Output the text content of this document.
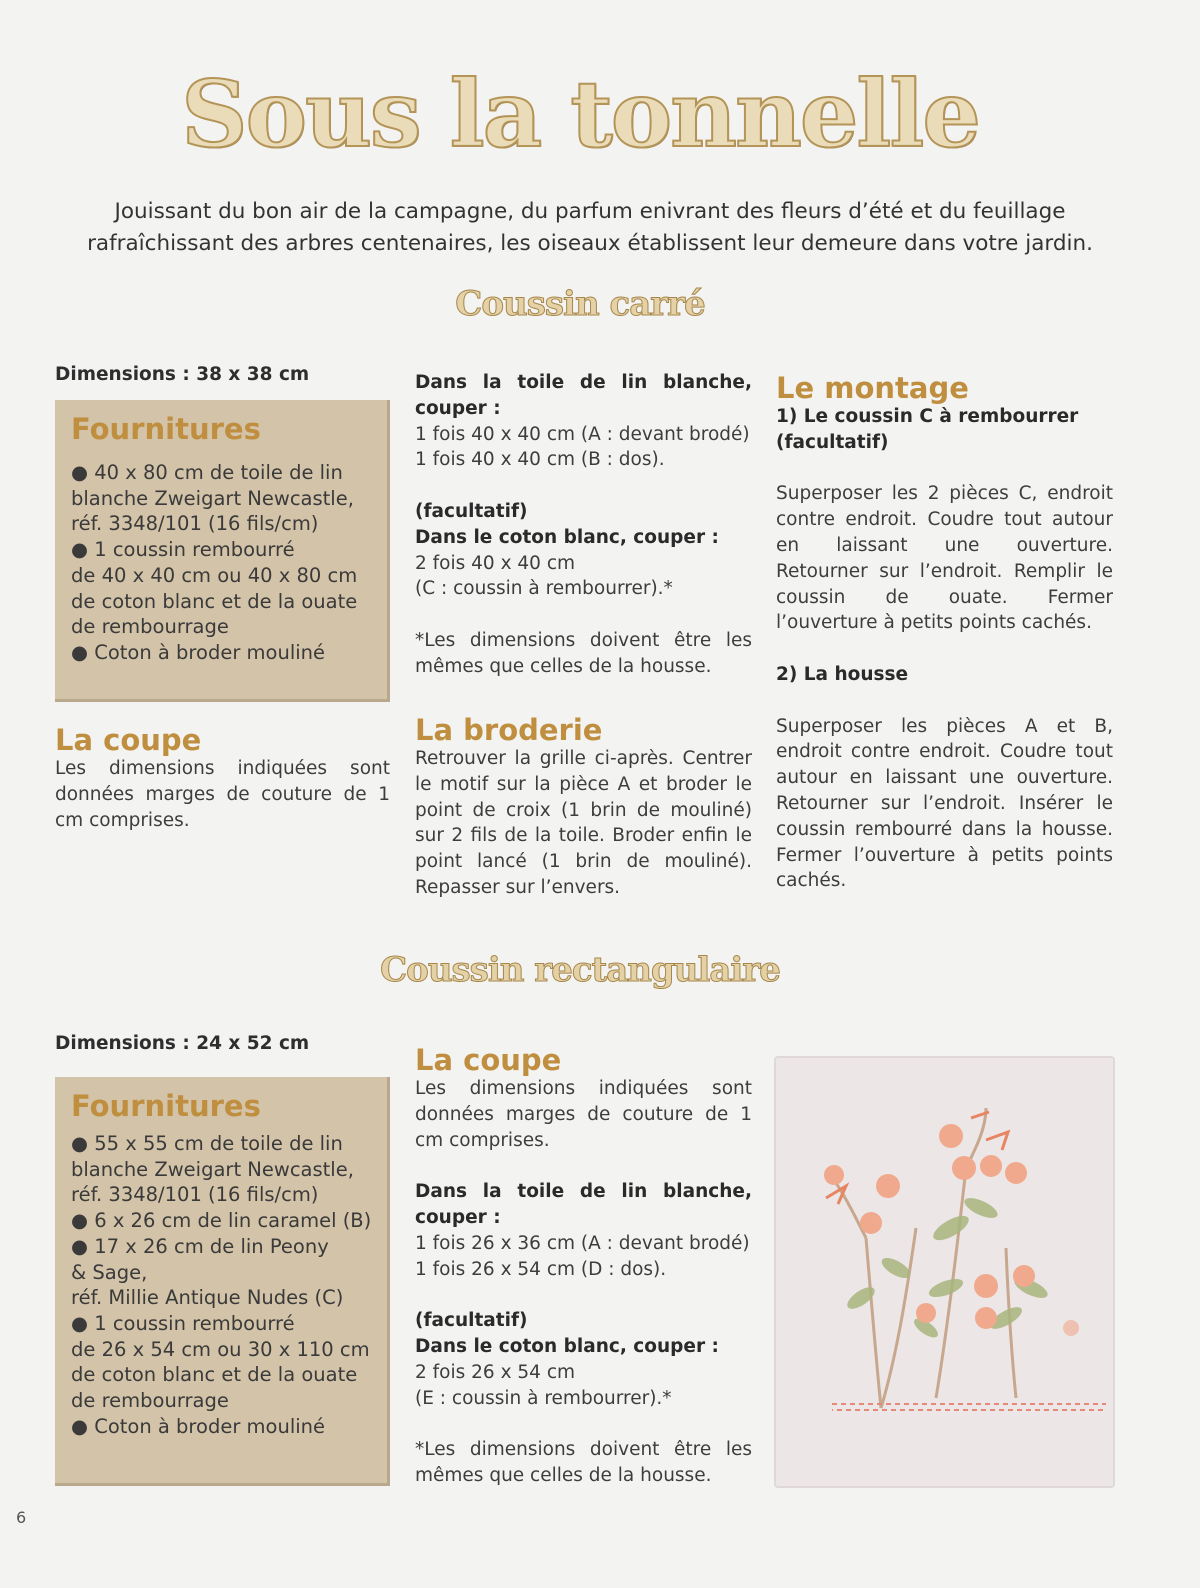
Sous la tonnelle
Jouissant du bon air de la campagne, du parfum enivrant des fleurs d’été et du feuillage
rafraîchissant des arbres centenaires, les oiseaux établissent leur demeure dans votre jardin.
Coussin carré
Dimensions : 38 x 38 cm
Fournitures
● 40 x 80 cm de toile de lin
blanche Zweigart Newcastle,
réf. 3348/101 (16 fils/cm)
● 1 coussin rembourré
de 40 x 40 cm ou 40 x 80 cm
de coton blanc et de la ouate
de rembourrage
● Coton à broder mouliné
La coupe
Les dimensions indiquées sont données marges de couture de 1 cm comprises.

Dans la toile de lin blanche, couper :

1 fois 40 x 40 cm (A : devant brodé)

1 fois 40 x 40 cm (B : dos).

(facultatif)

Dans le coton blanc, couper :

2 fois 40 x 40 cm

(C : coussin à rembourrer).*

*Les dimensions doivent être les mêmes que celles de la housse.

La broderie
Retrouver la grille ci-après. Centrer le motif sur la pièce A et broder le point de croix (1 brin de mouliné) sur 2 fils de la toile. Broder enfin le point lancé (1 brin de mouliné). Repasser sur l’envers.
Le montage

1) Le coussin C à rembourrer (facultatif)

Superposer les 2 pièces C, endroit contre endroit. Coudre tout autour en laissant une ouverture. Retourner sur l’endroit. Remplir le coussin de ouate. Fermer l’ouverture à petits points cachés.

2) La housse

Superposer les pièces A et B, endroit contre endroit. Coudre tout autour en laissant une ouverture. Retourner sur l’endroit. Insérer le coussin rembourré dans la housse. Fermer l’ouverture à petits points cachés.

Coussin rectangulaire
Dimensions : 24 x 52 cm
Fournitures
● 55 x 55 cm de toile de lin
blanche Zweigart Newcastle,
réf. 3348/101 (16 fils/cm)
● 6 x 26 cm de lin caramel (B)
● 17 x 26 cm de lin Peony
& Sage,
réf. Millie Antique Nudes (C)
● 1 coussin rembourré
de 26 x 54 cm ou 30 x 110 cm
de coton blanc et de la ouate
de rembourrage
● Coton à broder mouliné
La coupe

Les dimensions indiquées sont données marges de couture de 1 cm comprises.

Dans la toile de lin blanche, couper :

1 fois 26 x 36 cm (A : devant brodé)

1 fois 26 x 54 cm (D : dos).

(facultatif)

Dans le coton blanc, couper :

2 fois 26 x 54 cm

(E : coussin à rembourrer).*

*Les dimensions doivent être les mêmes que celles de la housse.

6
